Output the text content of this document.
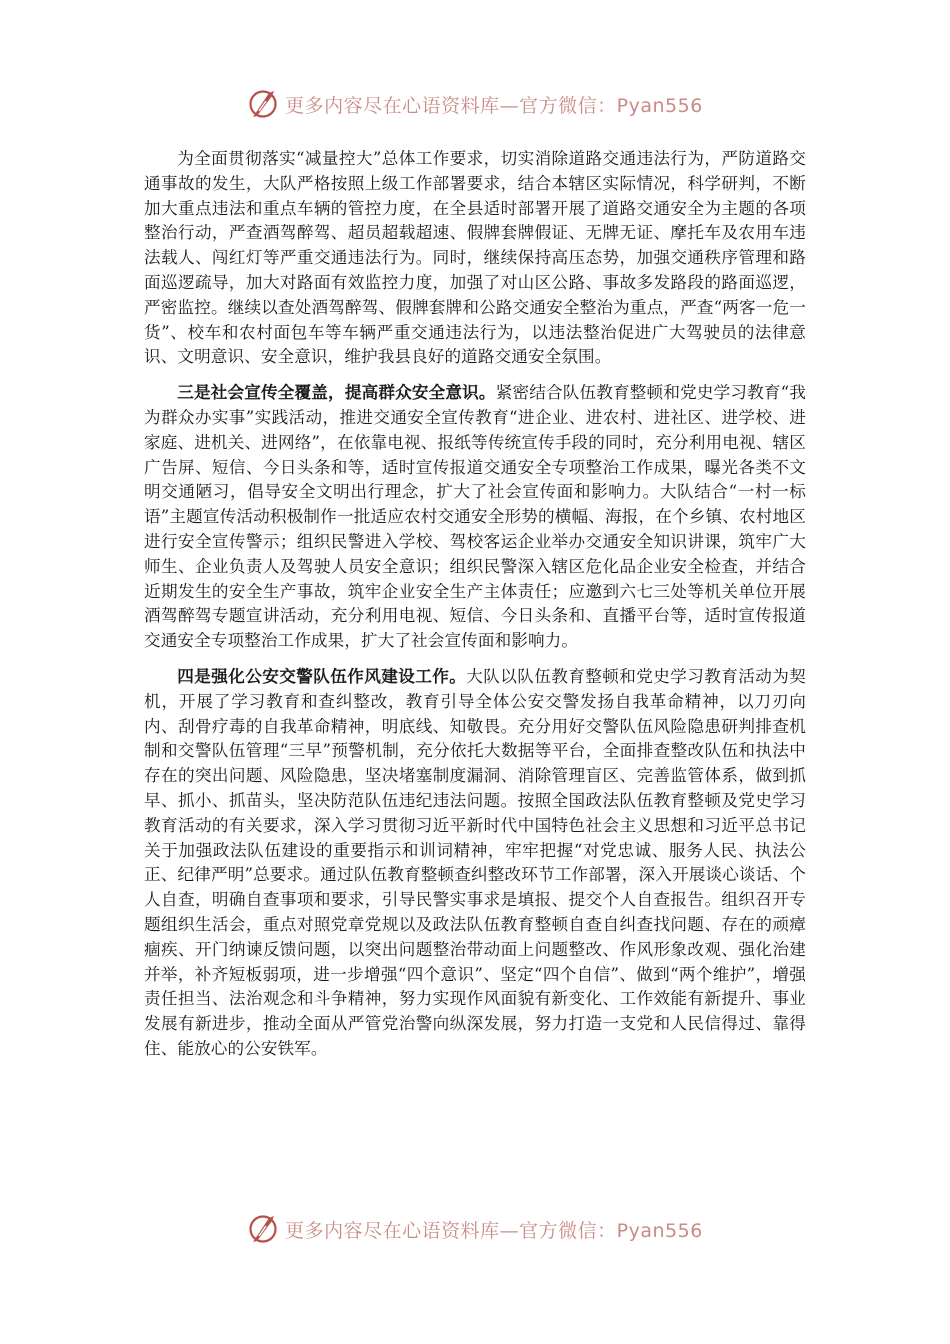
更多内容尽在心语资料库—官方微信：Pyan556

为全面贯彻落实“减量控大”总体工作要求，切实消除道路交通违法行为，严防道路交通事故的发生，大队严格按照上级工作部署要求，结合本辖区实际情况，科学研判，不断加大重点违法和重点车辆的管控力度，在全县适时部署开展了道路交通安全为主题的各项整治行动，严查酒驾醉驾、超员超载超速、假牌套牌假证、无牌无证、摩托车及农用车违法载人、闯红灯等严重交通违法行为。同时，继续保持高压态势，加强交通秩序管理和路面巡逻疏导，加大对路面有效监控力度，加强了对山区公路、事故多发路段的路面巡逻，严密监控。继续以查处酒驾醉驾、假牌套牌和公路交通安全整治为重点，严查“两客一危一货”、校车和农村面包车等车辆严重交通违法行为，以违法整治促进广大驾驶员的法律意识、文明意识、安全意识，维护我县良好的道路交通安全氛围。

三是社会宣传全覆盖，提高群众安全意识。紧密结合队伍教育整顿和党史学习教育“我为群众办实事”实践活动，推进交通安全宣传教育“进企业、进农村、进社区、进学校、进家庭、进机关、进网络”，在依靠电视、报纸等传统宣传手段的同时，充分利用电视、辖区广告屏、短信、今日头条和等，适时宣传报道交通安全专项整治工作成果，曝光各类不文明交通陋习，倡导安全文明出行理念，扩大了社会宣传面和影响力。大队结合“一村一标语”主题宣传活动积极制作一批适应农村交通安全形势的横幅、海报，在个乡镇、农村地区进行安全宣传警示；组织民警进入学校、驾校客运企业举办交通安全知识讲课，筑牢广大师生、企业负责人及驾驶人员安全意识；组织民警深入辖区危化品企业安全检查，并结合近期发生的安全生产事故，筑牢企业安全生产主体责任；应邀到六七三处等机关单位开展酒驾醉驾专题宣讲活动，充分利用电视、短信、今日头条和、直播平台等，适时宣传报道交通安全专项整治工作成果，扩大了社会宣传面和影响力。

四是强化公安交警队伍作风建设工作。大队以队伍教育整顿和党史学习教育活动为契机，开展了学习教育和查纠整改，教育引导全体公安交警发扬自我革命精神，以刀刃向内、刮骨疗毒的自我革命精神，明底线、知敬畏。充分用好交警队伍风险隐患研判排查机制和交警队伍管理“三早”预警机制，充分依托大数据等平台，全面排查整改队伍和执法中存在的突出问题、风险隐患，坚决堵塞制度漏洞、消除管理盲区、完善监管体系，做到抓早、抓小、抓苗头，坚决防范队伍违纪违法问题。按照全国政法队伍教育整顿及党史学习教育活动的有关要求，深入学习贯彻习近平新时代中国特色社会主义思想和习近平总书记关于加强政法队伍建设的重要指示和训词精神，牢牢把握“对党忠诚、服务人民、执法公正、纪律严明”总要求。通过队伍教育整顿查纠整改环节工作部署，深入开展谈心谈话、个人自查，明确自查事项和要求，引导民警实事求是填报、提交个人自查报告。组织召开专题组织生活会，重点对照党章党规以及政法队伍教育整顿自查自纠查找问题、存在的顽瘴痼疾、开门纳谏反馈问题，以突出问题整治带动面上问题整改、作风形象改观、强化治建并举，补齐短板弱项，进一步增强“四个意识”、坚定“四个自信”、做到“两个维护”，增强责任担当、法治观念和斗争精神，努力实现作风面貌有新变化、工作效能有新提升、事业发展有新进步，推动全面从严管党治警向纵深发展，努力打造一支党和人民信得过、靠得住、能放心的公安铁军。

更多内容尽在心语资料库—官方微信：Pyan556
